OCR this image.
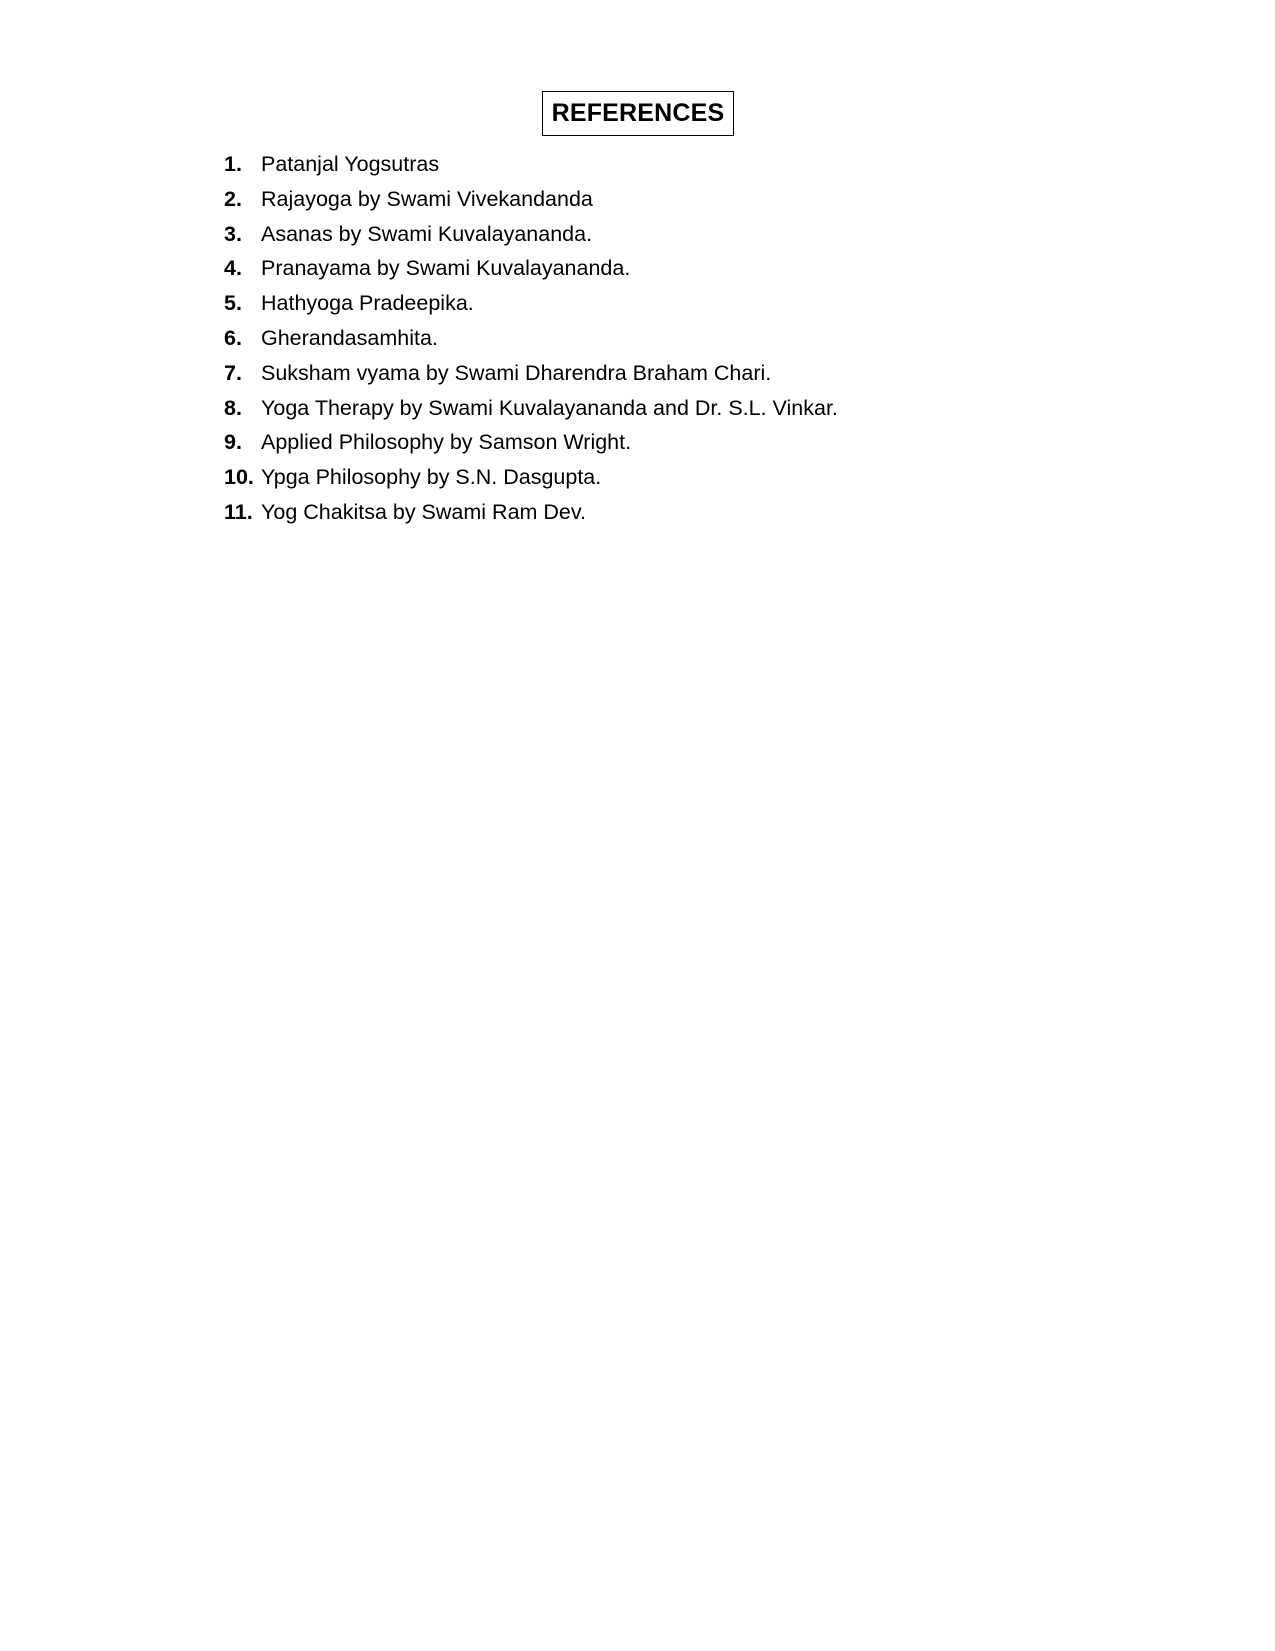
REFERENCES
1. Patanjal Yogsutras
2. Rajayoga by Swami Vivekandanda
3. Asanas by Swami Kuvalayananda.
4. Pranayama by Swami Kuvalayananda.
5. Hathyoga Pradeepika.
6. Gherandasamhita.
7. Suksham vyama by Swami Dharendra Braham Chari.
8. Yoga Therapy by Swami Kuvalayananda and Dr. S.L. Vinkar.
9. Applied Philosophy by Samson Wright.
10. Ypga Philosophy by S.N. Dasgupta.
11. Yog Chakitsa by Swami Ram Dev.
